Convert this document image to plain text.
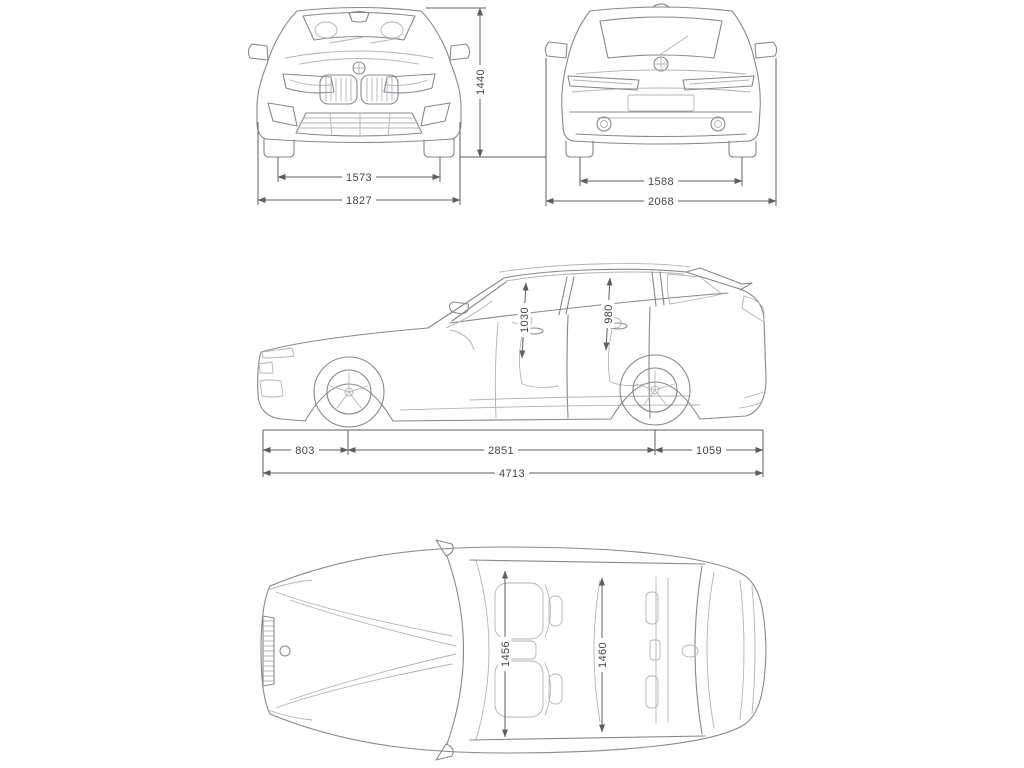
1573
1827
1440
1588
2068
1030	980
803	2851	1059
4713
1456	1460
